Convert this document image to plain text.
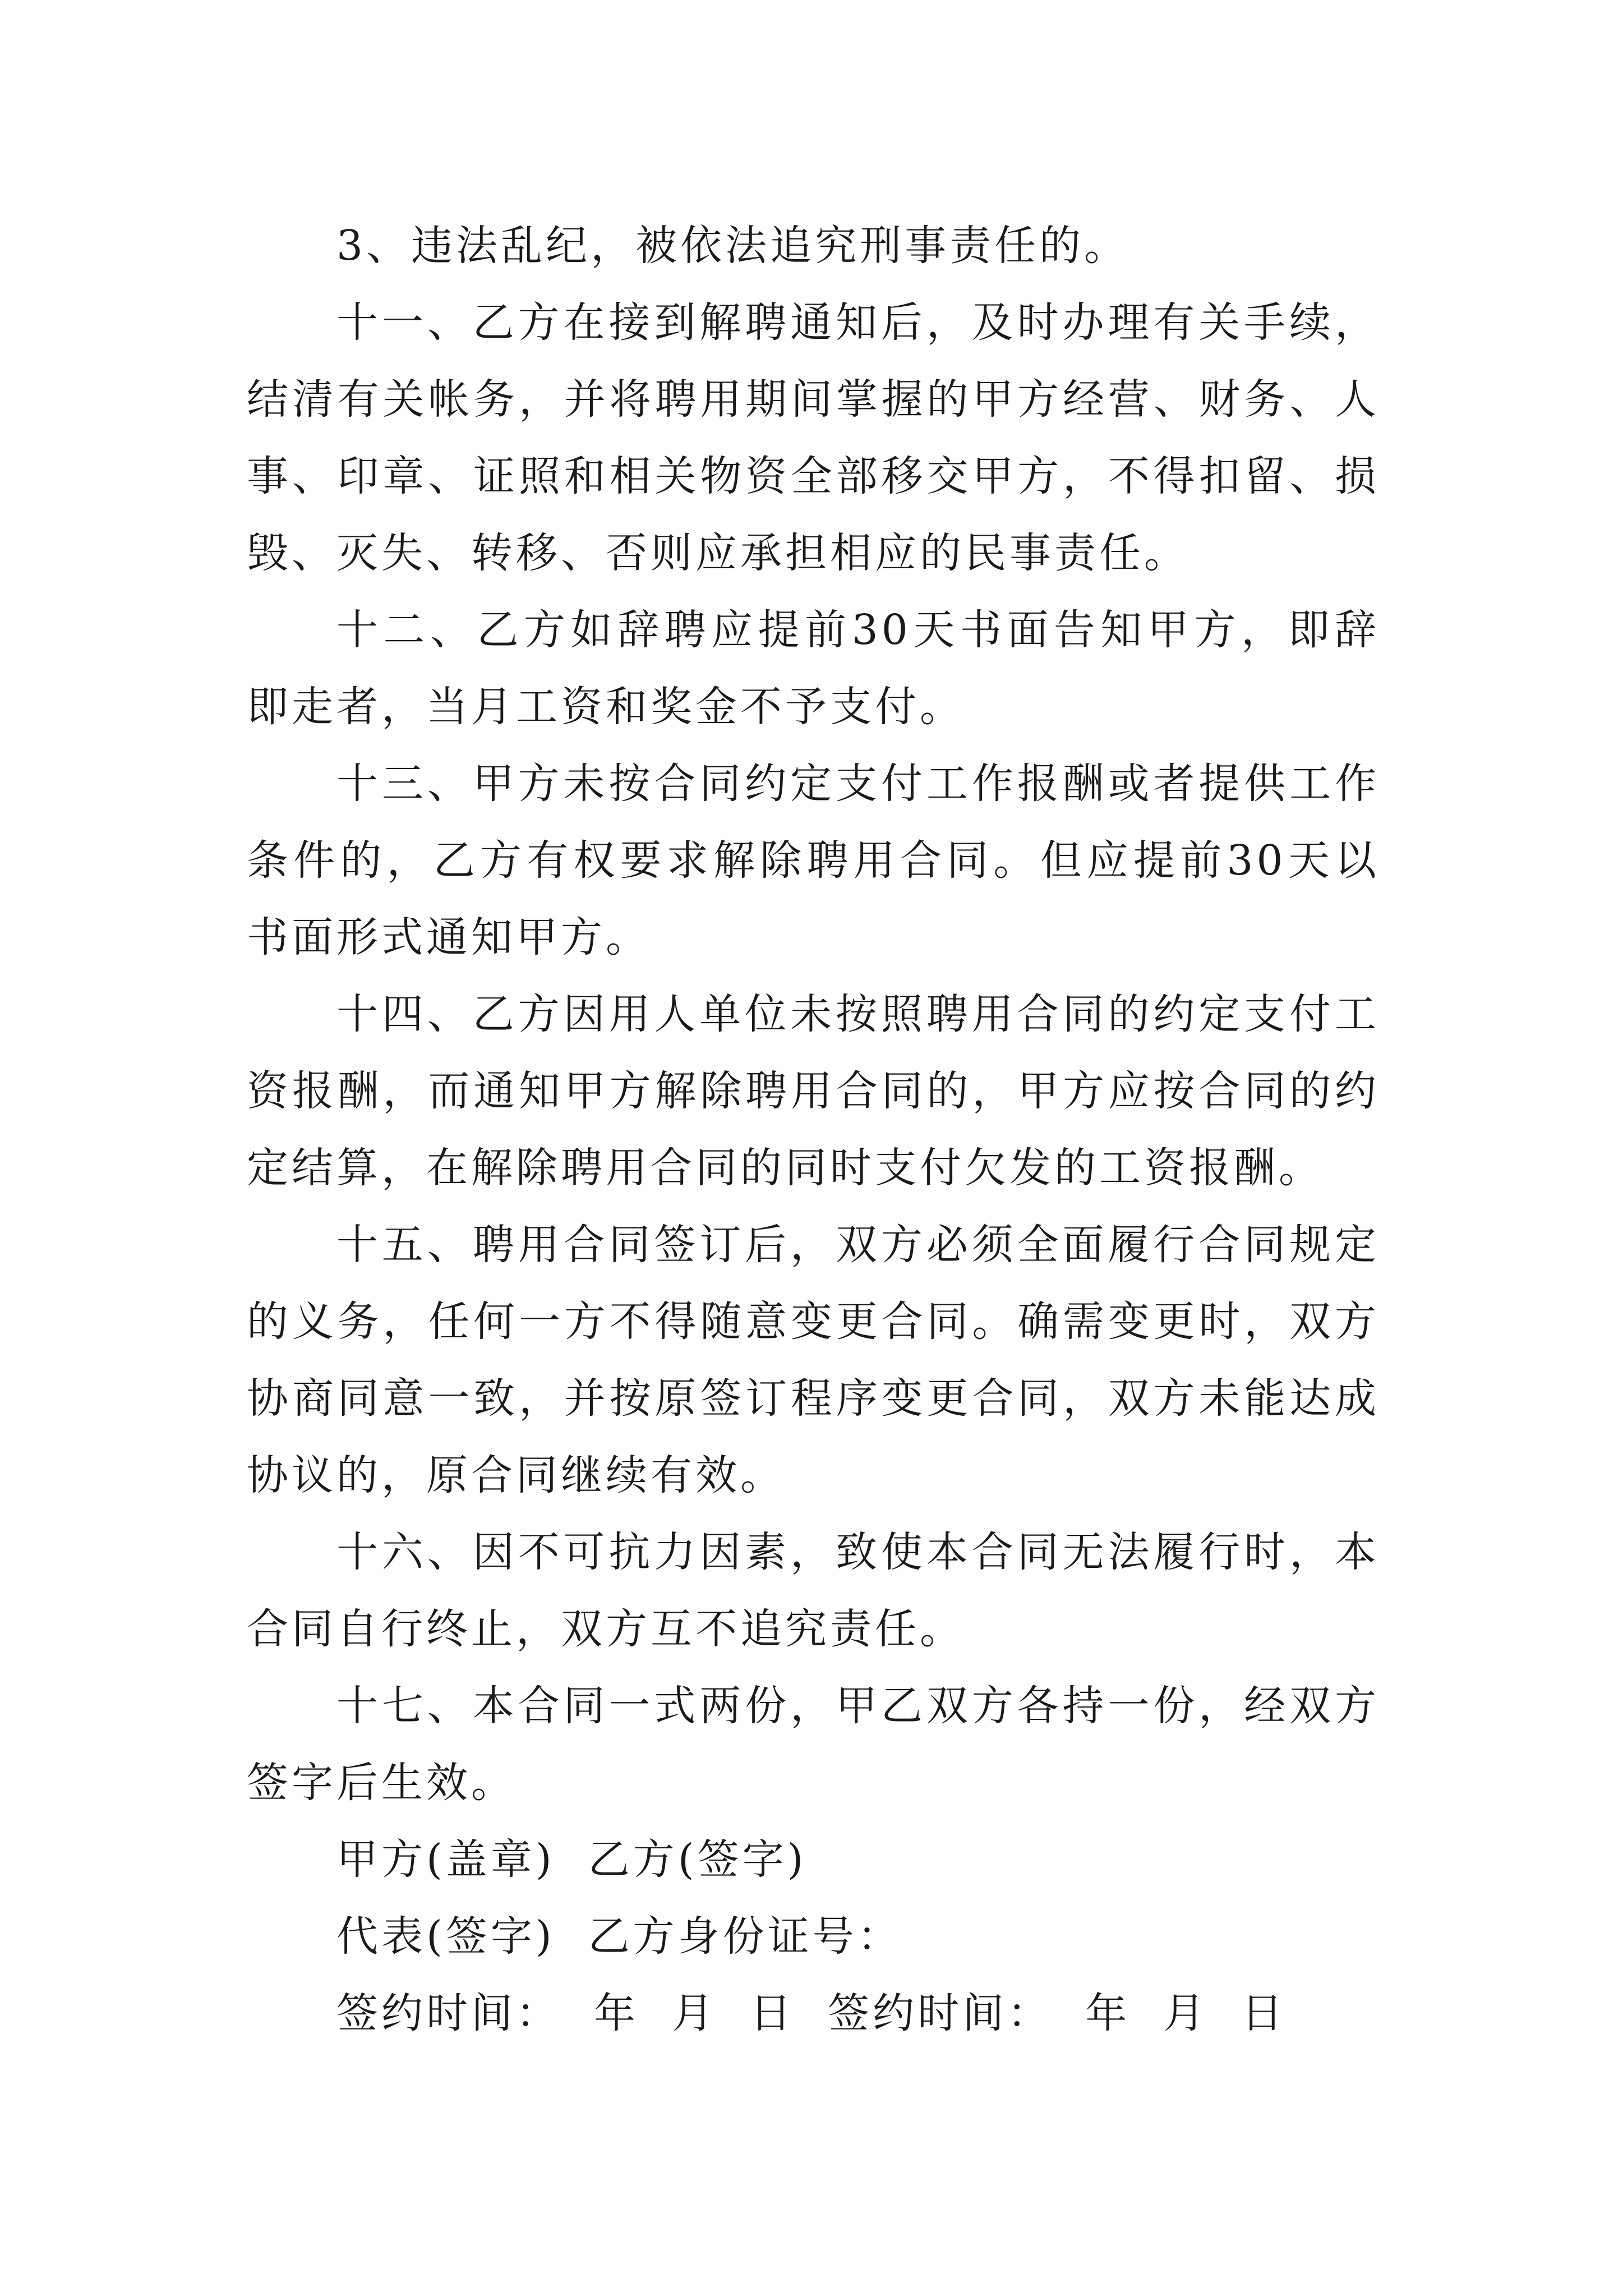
3、违法乱纪，被依法追究刑事责任的。

十一、乙方在接到解聘通知后，及时办理有关手续，结清有关帐务，并将聘用期间掌握的甲方经营、财务、人事、印章、证照和相关物资全部移交甲方，不得扣留、损毁、灭失、转移、否则应承担相应的民事责任。

十二、乙方如辞聘应提前30天书面告知甲方，即辞即走者，当月工资和奖金不予支付。

十三、甲方未按合同约定支付工作报酬或者提供工作条件的，乙方有权要求解除聘用合同。但应提前30天以书面形式通知甲方。

十四、乙方因用人单位未按照聘用合同的约定支付工资报酬，而通知甲方解除聘用合同的，甲方应按合同的约定结算，在解除聘用合同的同时支付欠发的工资报酬。

十五、聘用合同签订后，双方必须全面履行合同规定的义务，任何一方不得随意变更合同。确需变更时，双方协商同意一致，并按原签订程序变更合同，双方未能达成协议的，原合同继续有效。

十六、因不可抗力因素，致使本合同无法履行时，本合同自行终止，双方互不追究责任。

十七、本合同一式两份，甲乙双方各持一份，经双方签字后生效。

甲方(盖章)  乙方(签字)

代表(签字)  乙方身份证号：

签约时间：  年  月  日  签约时间：  年  月  日
